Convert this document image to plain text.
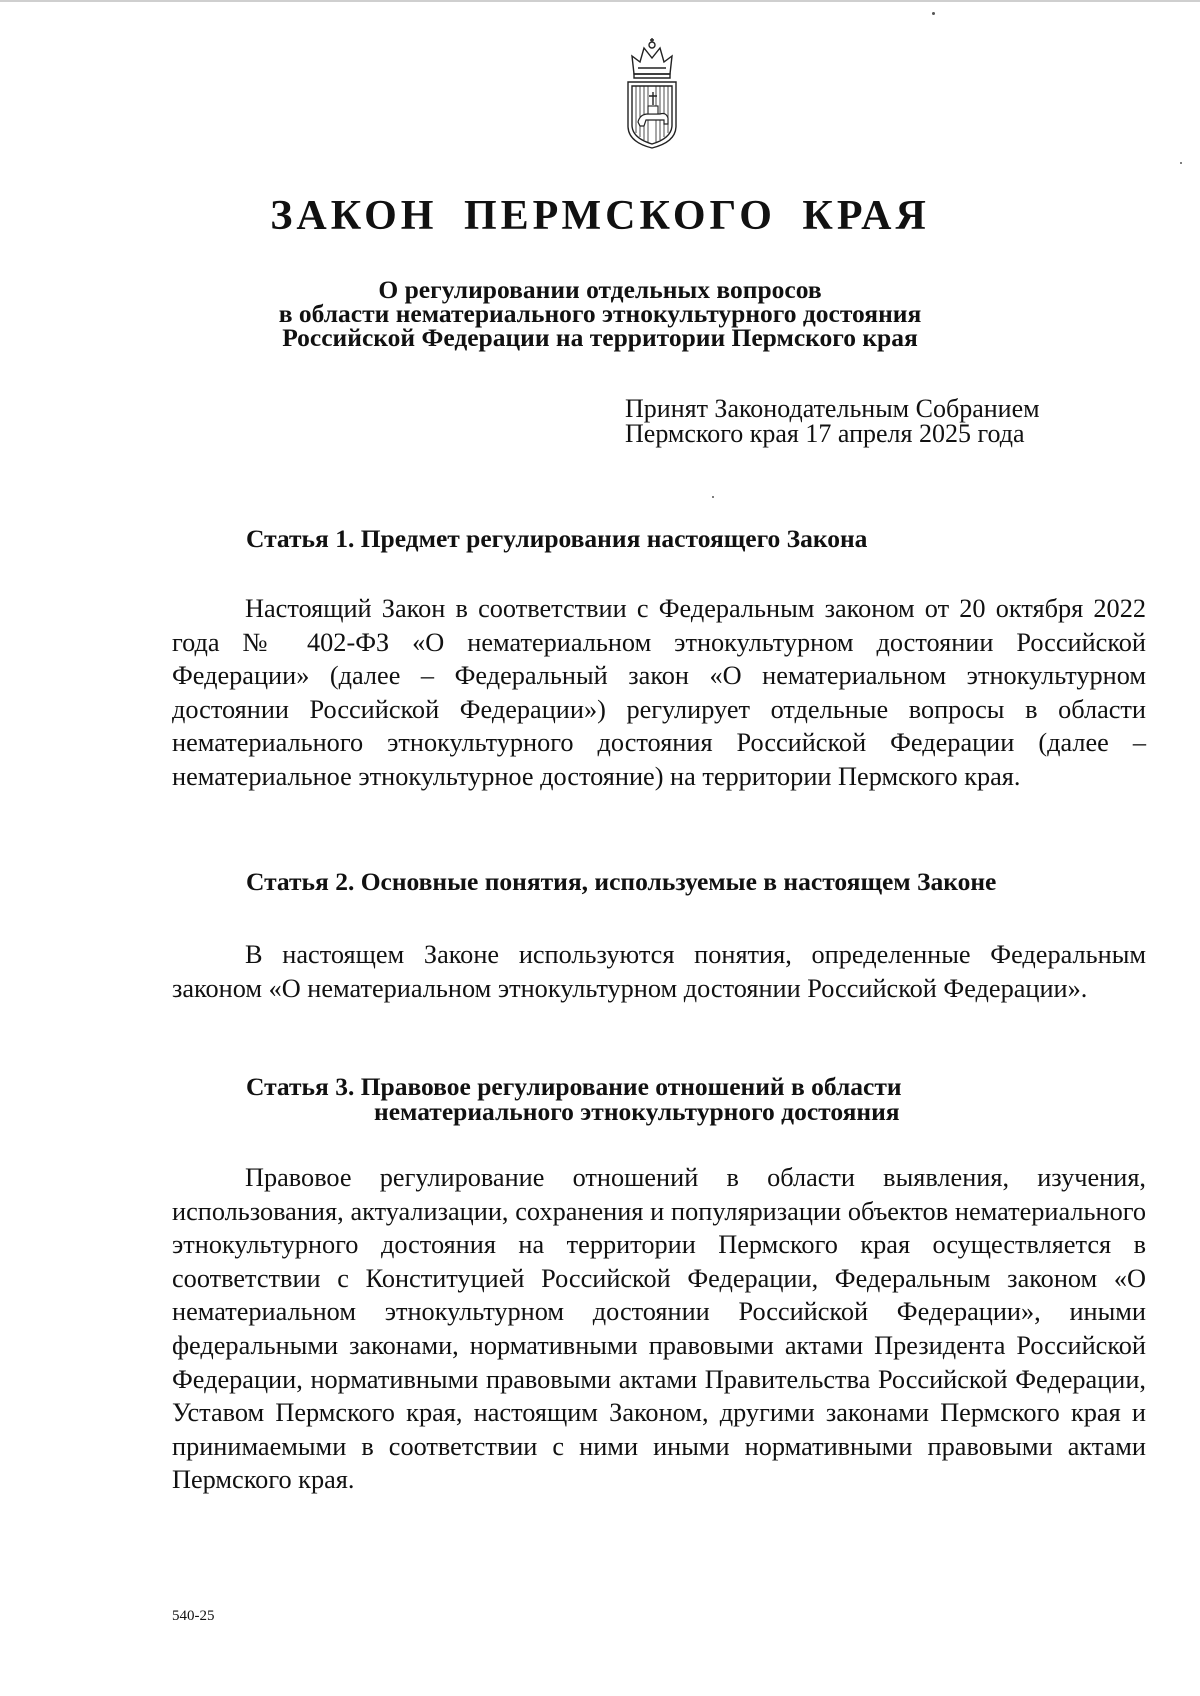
ЗАКОН ПЕРМСКОГО КРАЯ
О регулировании отдельных вопросов
в области нематериального этнокультурного достояния
Российской Федерации на территории Пермского края
Принят Законодательным Собранием
Пермского края 17 апреля 2025 года
Статья 1. Предмет регулирования настоящего Закона

Настоящий Закон в соответствии с Федеральным законом от 20 октября 2022 года № 402-ФЗ «О нематериальном этнокультурном достоянии Российской Федерации» (далее – Федеральный закон «О нематериальном этнокультурном достоянии Российской Федерации») регулирует отдельные вопросы в области нематериального этнокультурного достояния Российской Федерации (далее – нематериальное этнокультурное достояние) на территории Пермского края.

Статья 2. Основные понятия, используемые в настоящем Законе

В настоящем Законе используются понятия, определенные Федеральным законом «О нематериальном этнокультурном достоянии Российской Федерации».

Статья 3. Правовое регулирование отношений в области
нематериального этнокультурного достояния

Правовое регулирование отношений в области выявления, изучения, использования, актуализации, сохранения и популяризации объектов нематериального этнокультурного достояния на территории Пермского края осуществляется в соответствии с Конституцией Российской Федерации, Федеральным законом «О нематериальном этнокультурном достоянии Российской Федерации», иными федеральными законами, нормативными правовыми актами Президента Российской Федерации, нормативными правовыми актами Правительства Российской Федерации, Уставом Пермского края, настоящим Законом, другими законами Пермского края и принимаемыми в соответствии с ними иными нормативными правовыми актами Пермского края.

540-25
